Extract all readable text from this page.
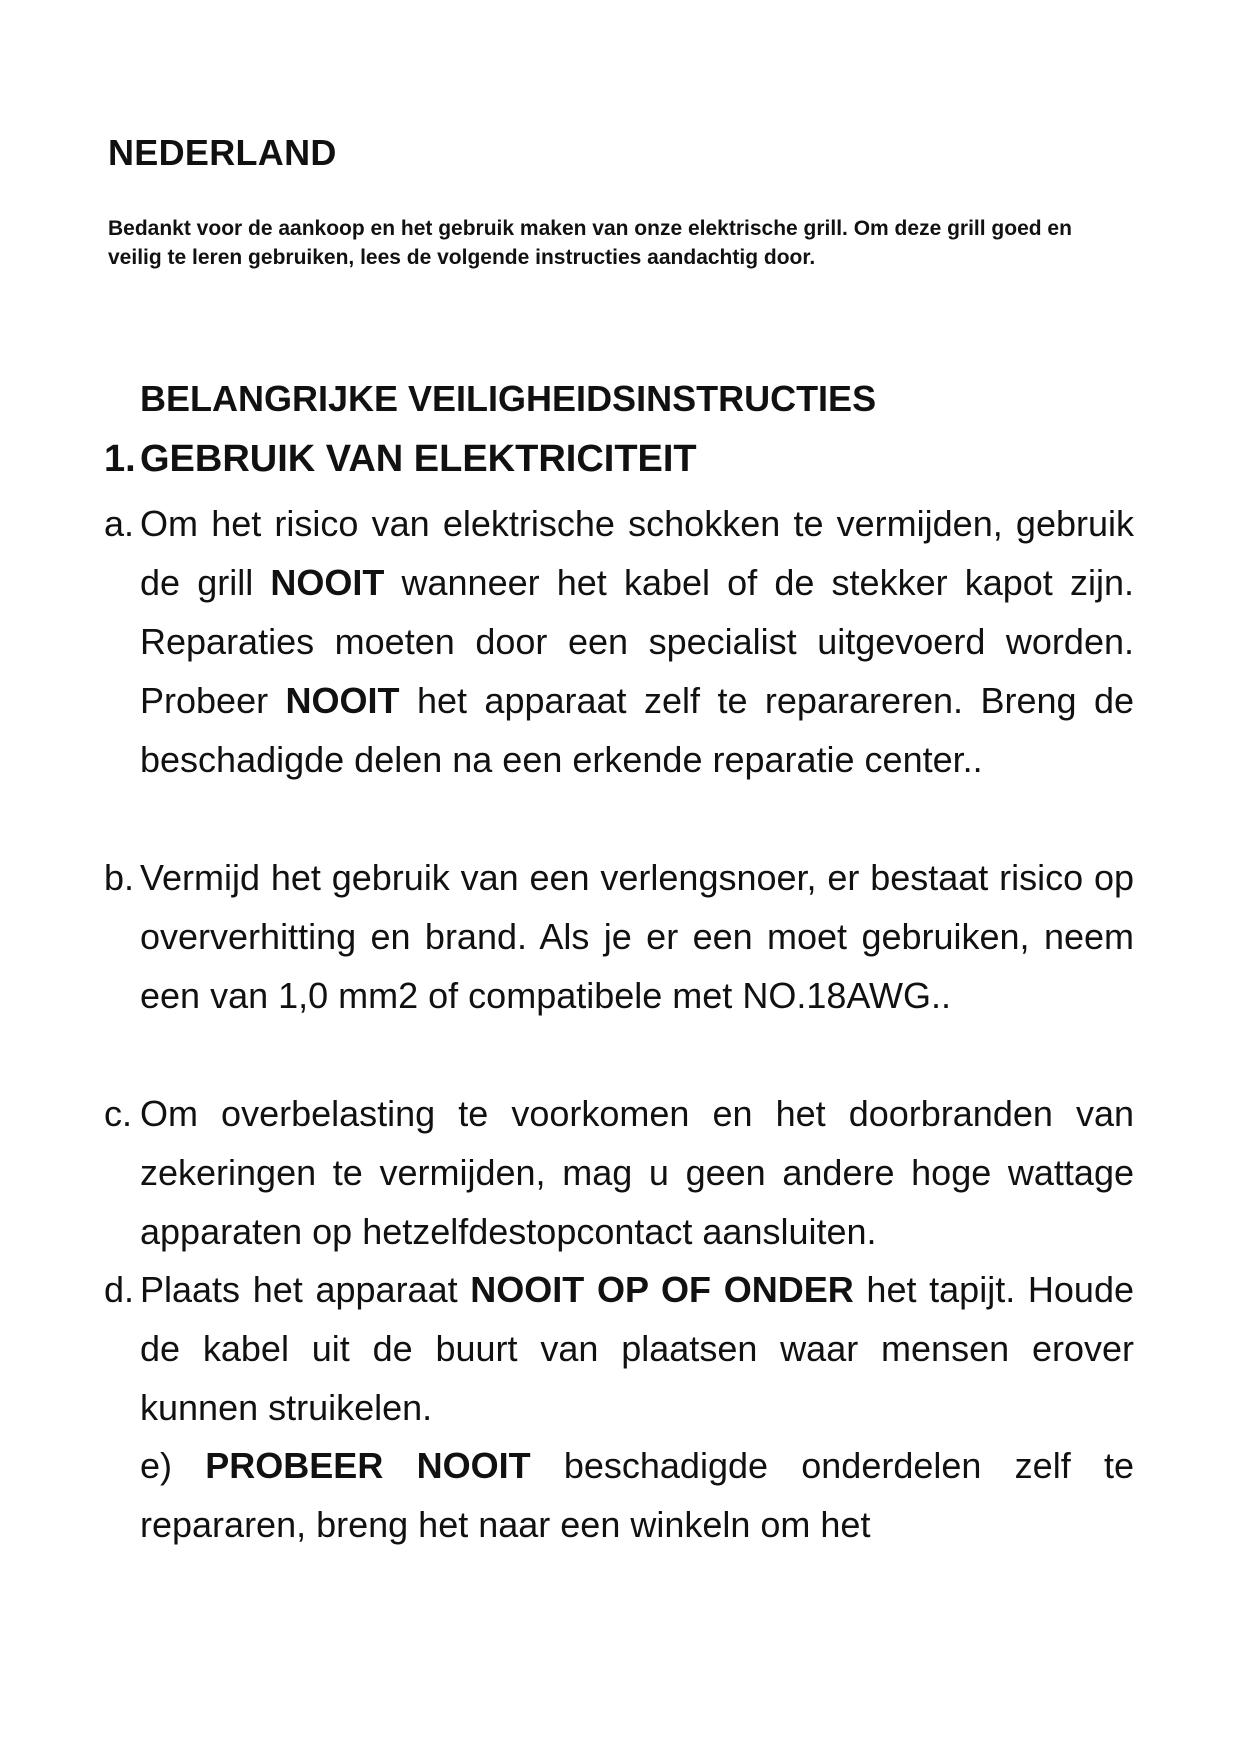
NEDERLAND

Bedankt voor de aankoop en het gebruik maken van onze elektrische grill. Om deze grill goed en veilig te leren gebruiken, lees de volgende instructies aandachtig door.

BELANGRIJKE VEILIGHEIDSINSTRUCTIES
1. GEBRUIK VAN ELEKTRICITEIT

a. Om het risico van elektrische schokken te vermijden, gebruik de grill NOOIT wanneer het kabel of de stekker kapot zijn. Reparaties moeten door een specialist uitgevoerd worden. Probeer NOOIT het apparaat zelf te repararеren. Breng de beschadigde delen na een erkende reparatie center..

b. Vermijd het gebruik van een verlengsnoer, er bestaat risico op oververhitting en brand. Als je er een moet gebruiken, neem een van 1,0 mm2 of compatibele met NO.18AWG..

c. Om overbelasting te voorkomen en het doorbranden van zekeringen te vermijden, mag u geen andere hoge wattage apparaten op hetzelfdestopcontact aansluiten.

d. Plaats het apparaat NOOIT OP OF ONDER het tapijt. Houde de kabel uit de buurt van plaatsen waar mensen erover kunnen struikelen.

e) PROBEER NOOIT beschadigde onderdelen zelf te repararen, breng het naar een winkeln om het
